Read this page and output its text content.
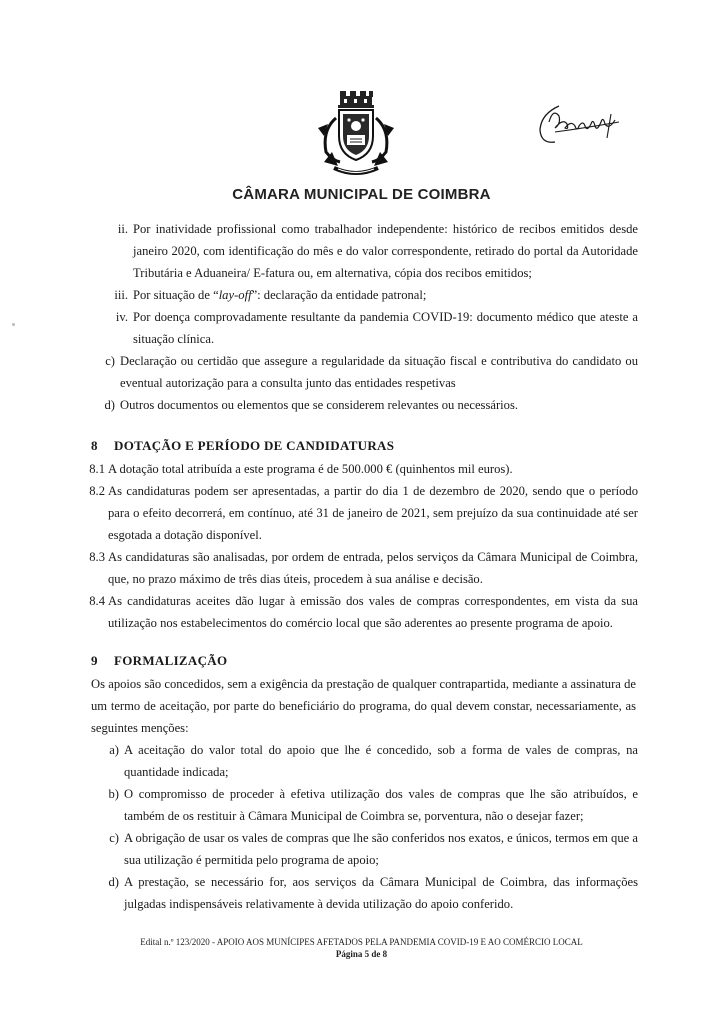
CÂMARA MUNICIPAL DE COIMBRA
ii. Por inatividade profissional como trabalhador independente: histórico de recibos emitidos desde janeiro 2020, com identificação do mês e do valor correspondente, retirado do portal da Autoridade Tributária e Aduaneira/ E-fatura ou, em alternativa, cópia dos recibos emitidos;
iii. Por situação de “lay-off”: declaração da entidade patronal;
iv. Por doença comprovadamente resultante da pandemia COVID-19: documento médico que ateste a situação clínica.
c) Declaração ou certidão que assegure a regularidade da situação fiscal e contributiva do candidato ou eventual autorização para a consulta junto das entidades respetivas
d) Outros documentos ou elementos que se considerem relevantes ou necessários.
8 DOTAÇÃO E PERÍODO DE CANDIDATURAS
8.1 A dotação total atribuída a este programa é de 500.000 € (quinhentos mil euros).
8.2 As candidaturas podem ser apresentadas, a partir do dia 1 de dezembro de 2020, sendo que o período para o efeito decorrerá, em contínuo, até 31 de janeiro de 2021, sem prejuízo da sua continuidade até ser esgotada a dotação disponível.
8.3 As candidaturas são analisadas, por ordem de entrada, pelos serviços da Câmara Municipal de Coimbra, que, no prazo máximo de três dias úteis, procedem à sua análise e decisão.
8.4 As candidaturas aceites dão lugar à emissão dos vales de compras correspondentes, em vista da sua utilização nos estabelecimentos do comércio local que são aderentes ao presente programa de apoio.
9 FORMALIZAÇÃO
Os apoios são concedidos, sem a exigência da prestação de qualquer contrapartida, mediante a assinatura de um termo de aceitação, por parte do beneficiário do programa, do qual devem constar, necessariamente, as seguintes menções:
a) A aceitação do valor total do apoio que lhe é concedido, sob a forma de vales de compras, na quantidade indicada;
b) O compromisso de proceder à efetiva utilização dos vales de compras que lhe são atribuídos, e também de os restituir à Câmara Municipal de Coimbra se, porventura, não o desejar fazer;
c) A obrigação de usar os vales de compras que lhe são conferidos nos exatos, e únicos, termos em que a sua utilização é permitida pelo programa de apoio;
d) A prestação, se necessário for, aos serviços da Câmara Municipal de Coimbra, das informações julgadas indispensáveis relativamente à devida utilização do apoio conferido.
Edital n.º 123/2020 - APOIO AOS MUNÍCIPES AFETADOS PELA PANDEMIA COVID-19 E AO COMÉRCIO LOCAL
Página 5 de 8
